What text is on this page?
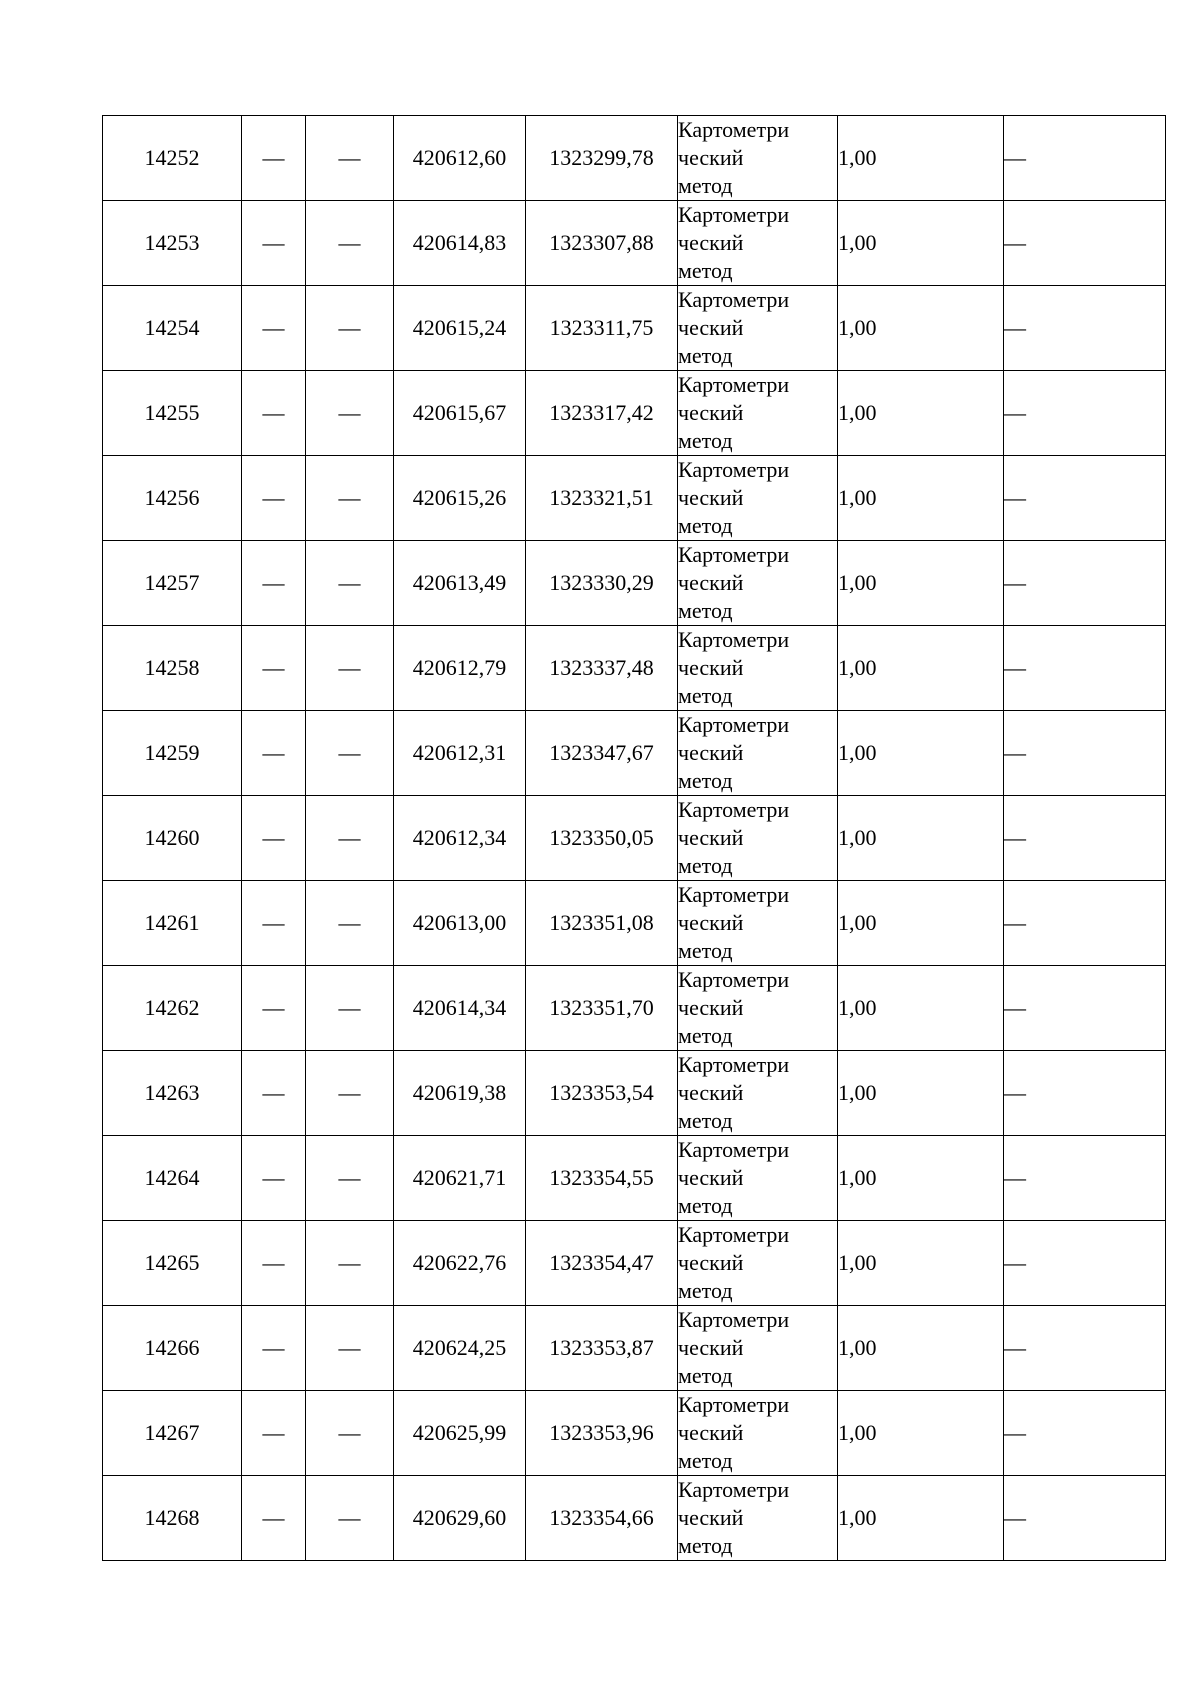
14252	—	—	420612,60	1323299,78	Картометри
ческий
метод	1,00	—
14253	—	—	420614,83	1323307,88	Картометри
ческий
метод	1,00	—
14254	—	—	420615,24	1323311,75	Картометри
ческий
метод	1,00	—
14255	—	—	420615,67	1323317,42	Картометри
ческий
метод	1,00	—
14256	—	—	420615,26	1323321,51	Картометри
ческий
метод	1,00	—
14257	—	—	420613,49	1323330,29	Картометри
ческий
метод	1,00	—
14258	—	—	420612,79	1323337,48	Картометри
ческий
метод	1,00	—
14259	—	—	420612,31	1323347,67	Картометри
ческий
метод	1,00	—
14260	—	—	420612,34	1323350,05	Картометри
ческий
метод	1,00	—
14261	—	—	420613,00	1323351,08	Картометри
ческий
метод	1,00	—
14262	—	—	420614,34	1323351,70	Картометри
ческий
метод	1,00	—
14263	—	—	420619,38	1323353,54	Картометри
ческий
метод	1,00	—
14264	—	—	420621,71	1323354,55	Картометри
ческий
метод	1,00	—
14265	—	—	420622,76	1323354,47	Картометри
ческий
метод	1,00	—
14266	—	—	420624,25	1323353,87	Картометри
ческий
метод	1,00	—
14267	—	—	420625,99	1323353,96	Картометри
ческий
метод	1,00	—
14268	—	—	420629,60	1323354,66	Картометри
ческий
метод	1,00	—
